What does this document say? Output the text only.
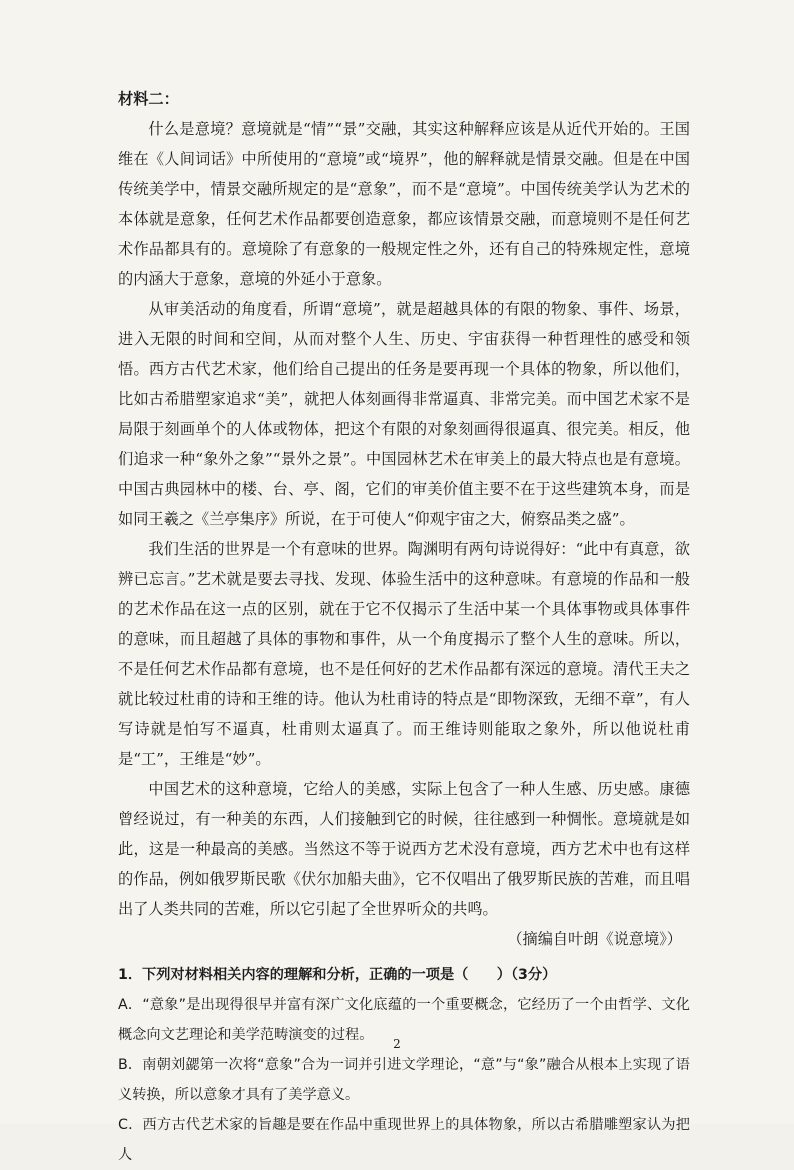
材料二：

什么是意境？意境就是“情”“景”交融，其实这种解释应该是从近代开始的。王国维在《人间词话》中所使用的“意境”或“境界”，他的解释就是情景交融。但是在中国传统美学中，情景交融所规定的是“意象”，而不是“意境”。中国传统美学认为艺术的本体就是意象，任何艺术作品都要创造意象，都应该情景交融，而意境则不是任何艺术作品都具有的。意境除了有意象的一般规定性之外，还有自己的特殊规定性，意境的内涵大于意象，意境的外延小于意象。

从审美活动的角度看，所谓“意境”，就是超越具体的有限的物象、事件、场景，进入无限的时间和空间，从而对整个人生、历史、宇宙获得一种哲理性的感受和领悟。西方古代艺术家，他们给自己提出的任务是要再现一个具体的物象，所以他们，比如古希腊塑家追求“美”，就把人体刻画得非常逼真、非常完美。而中国艺术家不是局限于刻画单个的人体或物体，把这个有限的对象刻画得很逼真、很完美。相反，他们追求一种“象外之象”“景外之景”。中国园林艺术在审美上的最大特点也是有意境。中国古典园林中的楼、台、亭、阁，它们的审美价值主要不在于这些建筑本身，而是如同王羲之《兰亭集序》所说，在于可使人“仰观宇宙之大，俯察品类之盛”。

我们生活的世界是一个有意味的世界。陶渊明有两句诗说得好：“此中有真意，欲辨已忘言。”艺术就是要去寻找、发现、体验生活中的这种意味。有意境的作品和一般的艺术作品在这一点的区别，就在于它不仅揭示了生活中某一个具体事物或具体事件的意味，而且超越了具体的事物和事件，从一个角度揭示了整个人生的意味。所以，不是任何艺术作品都有意境，也不是任何好的艺术作品都有深远的意境。清代王夫之就比较过杜甫的诗和王维的诗。他认为杜甫诗的特点是“即物深致，无细不章”，有人写诗就是怕写不逼真，杜甫则太逼真了。而王维诗则能取之象外，所以他说杜甫是“工”，王维是“妙”。

中国艺术的这种意境，它给人的美感，实际上包含了一种人生感、历史感。康德曾经说过，有一种美的东西，人们接触到它的时候，往往感到一种惆怅。意境就是如此，这是一种最高的美感。当然这不等于说西方艺术没有意境，西方艺术中也有这样的作品，例如俄罗斯民歌《伏尔加船夫曲》，它不仅唱出了俄罗斯民族的苦难，而且唱出了人类共同的苦难，所以它引起了全世界听众的共鸣。

（摘编自叶朗《说意境》）
1．下列对材料相关内容的理解和分析，正确的一项是（　　）（3分）
A．“意象”是出现得很早并富有深广文化底蕴的一个重要概念，它经历了一个由哲学、文化概念向文艺理论和美学范畴演变的过程。
B．南朝刘勰第一次将“意象”合为一词并引进文学理论，“意”与“象”融合从根本上实现了语义转换，所以意象才具有了美学意义。
C．西方古代艺术家的旨趣是要在作品中重现世界上的具体物象，所以古希腊雕塑家认为把人
2
